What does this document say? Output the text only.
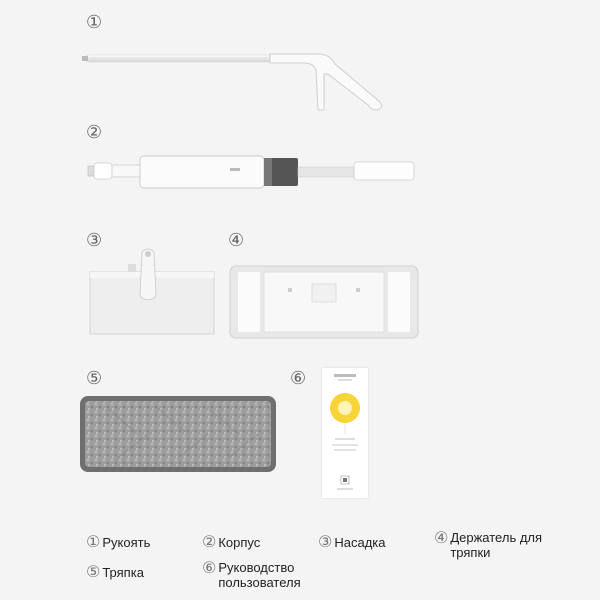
①
②
③	④
⑤	⑥
① Рукоять	② Корпус	③ Насадка	④ Держатель для тряпки
⑤ Тряпка	⑥ Руководство пользователя
